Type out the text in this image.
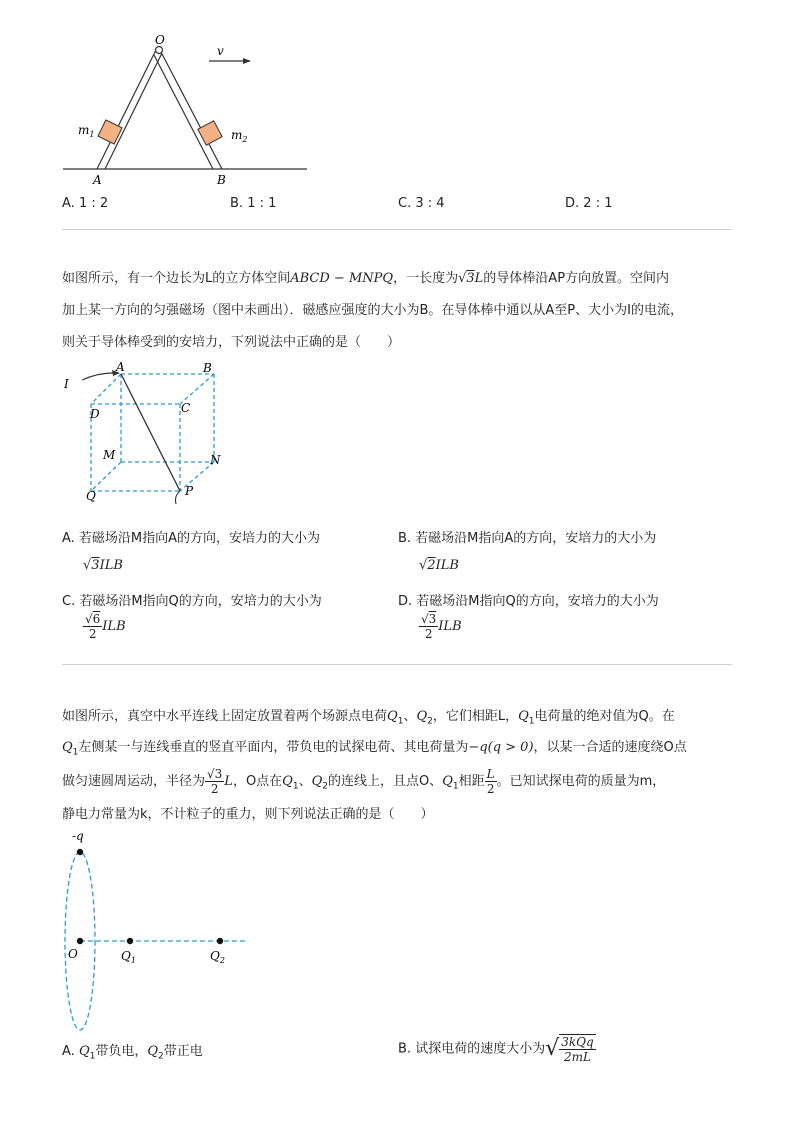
O
v
$m_1$	$m_2$
A	B
A. 1 : 2	B. 1 : 1	C. 3 : 4	D. 2 : 1
如图所示，有一个边长为L的立方体空间ABCD − MNPQ，一长度为√3L的导体棒沿AP方向放置。空间内
加上某一方向的匀强磁场（图中未画出）．磁感应强度的大小为B。在导体棒中通以从A至P、大小为I的电流，
则关于导体棒受到的安培力，下列说法中正确的是（　　）
I
A	B
D	C
M	N
Q	P
A. 若磁场沿M指向A的方向，安培力的大小为
√3ILB
B. 若磁场沿M指向A的方向，安培力的大小为
√2ILB
C. 若磁场沿M指向Q的方向，安培力的大小为
$\frac{√6}{2}$ ILB
D. 若磁场沿M指向Q的方向，安培力的大小为
$\frac{√3}{2}$ ILB
如图所示，真空中水平连线上固定放置着两个场源点电荷$Q_1$、$Q_2$，它们相距L，$Q_1$电荷量的绝对值为Q。在
$Q_1$左侧某一与连线垂直的竖直平面内，带负电的试探电荷、其电荷量为−q(q > 0)，以某一合适的速度绕O点
做匀速圆周运动，半径为 $\frac{√3}{2}$ L，O点在$Q_1$、$Q_2$的连线上，且点O、$Q_1$相距 $\frac{L}{2}$ 。已知试探电荷的质量为m，
静电力常量为k，不计粒子的重力，则下列说法正确的是（　　）
-q
O	$Q_1$	$Q_2$
A. $Q_1$带负电，$Q_2$带正电	B. 试探电荷的速度大小为√ $\frac{\text{3kQq}}{2mL}$
